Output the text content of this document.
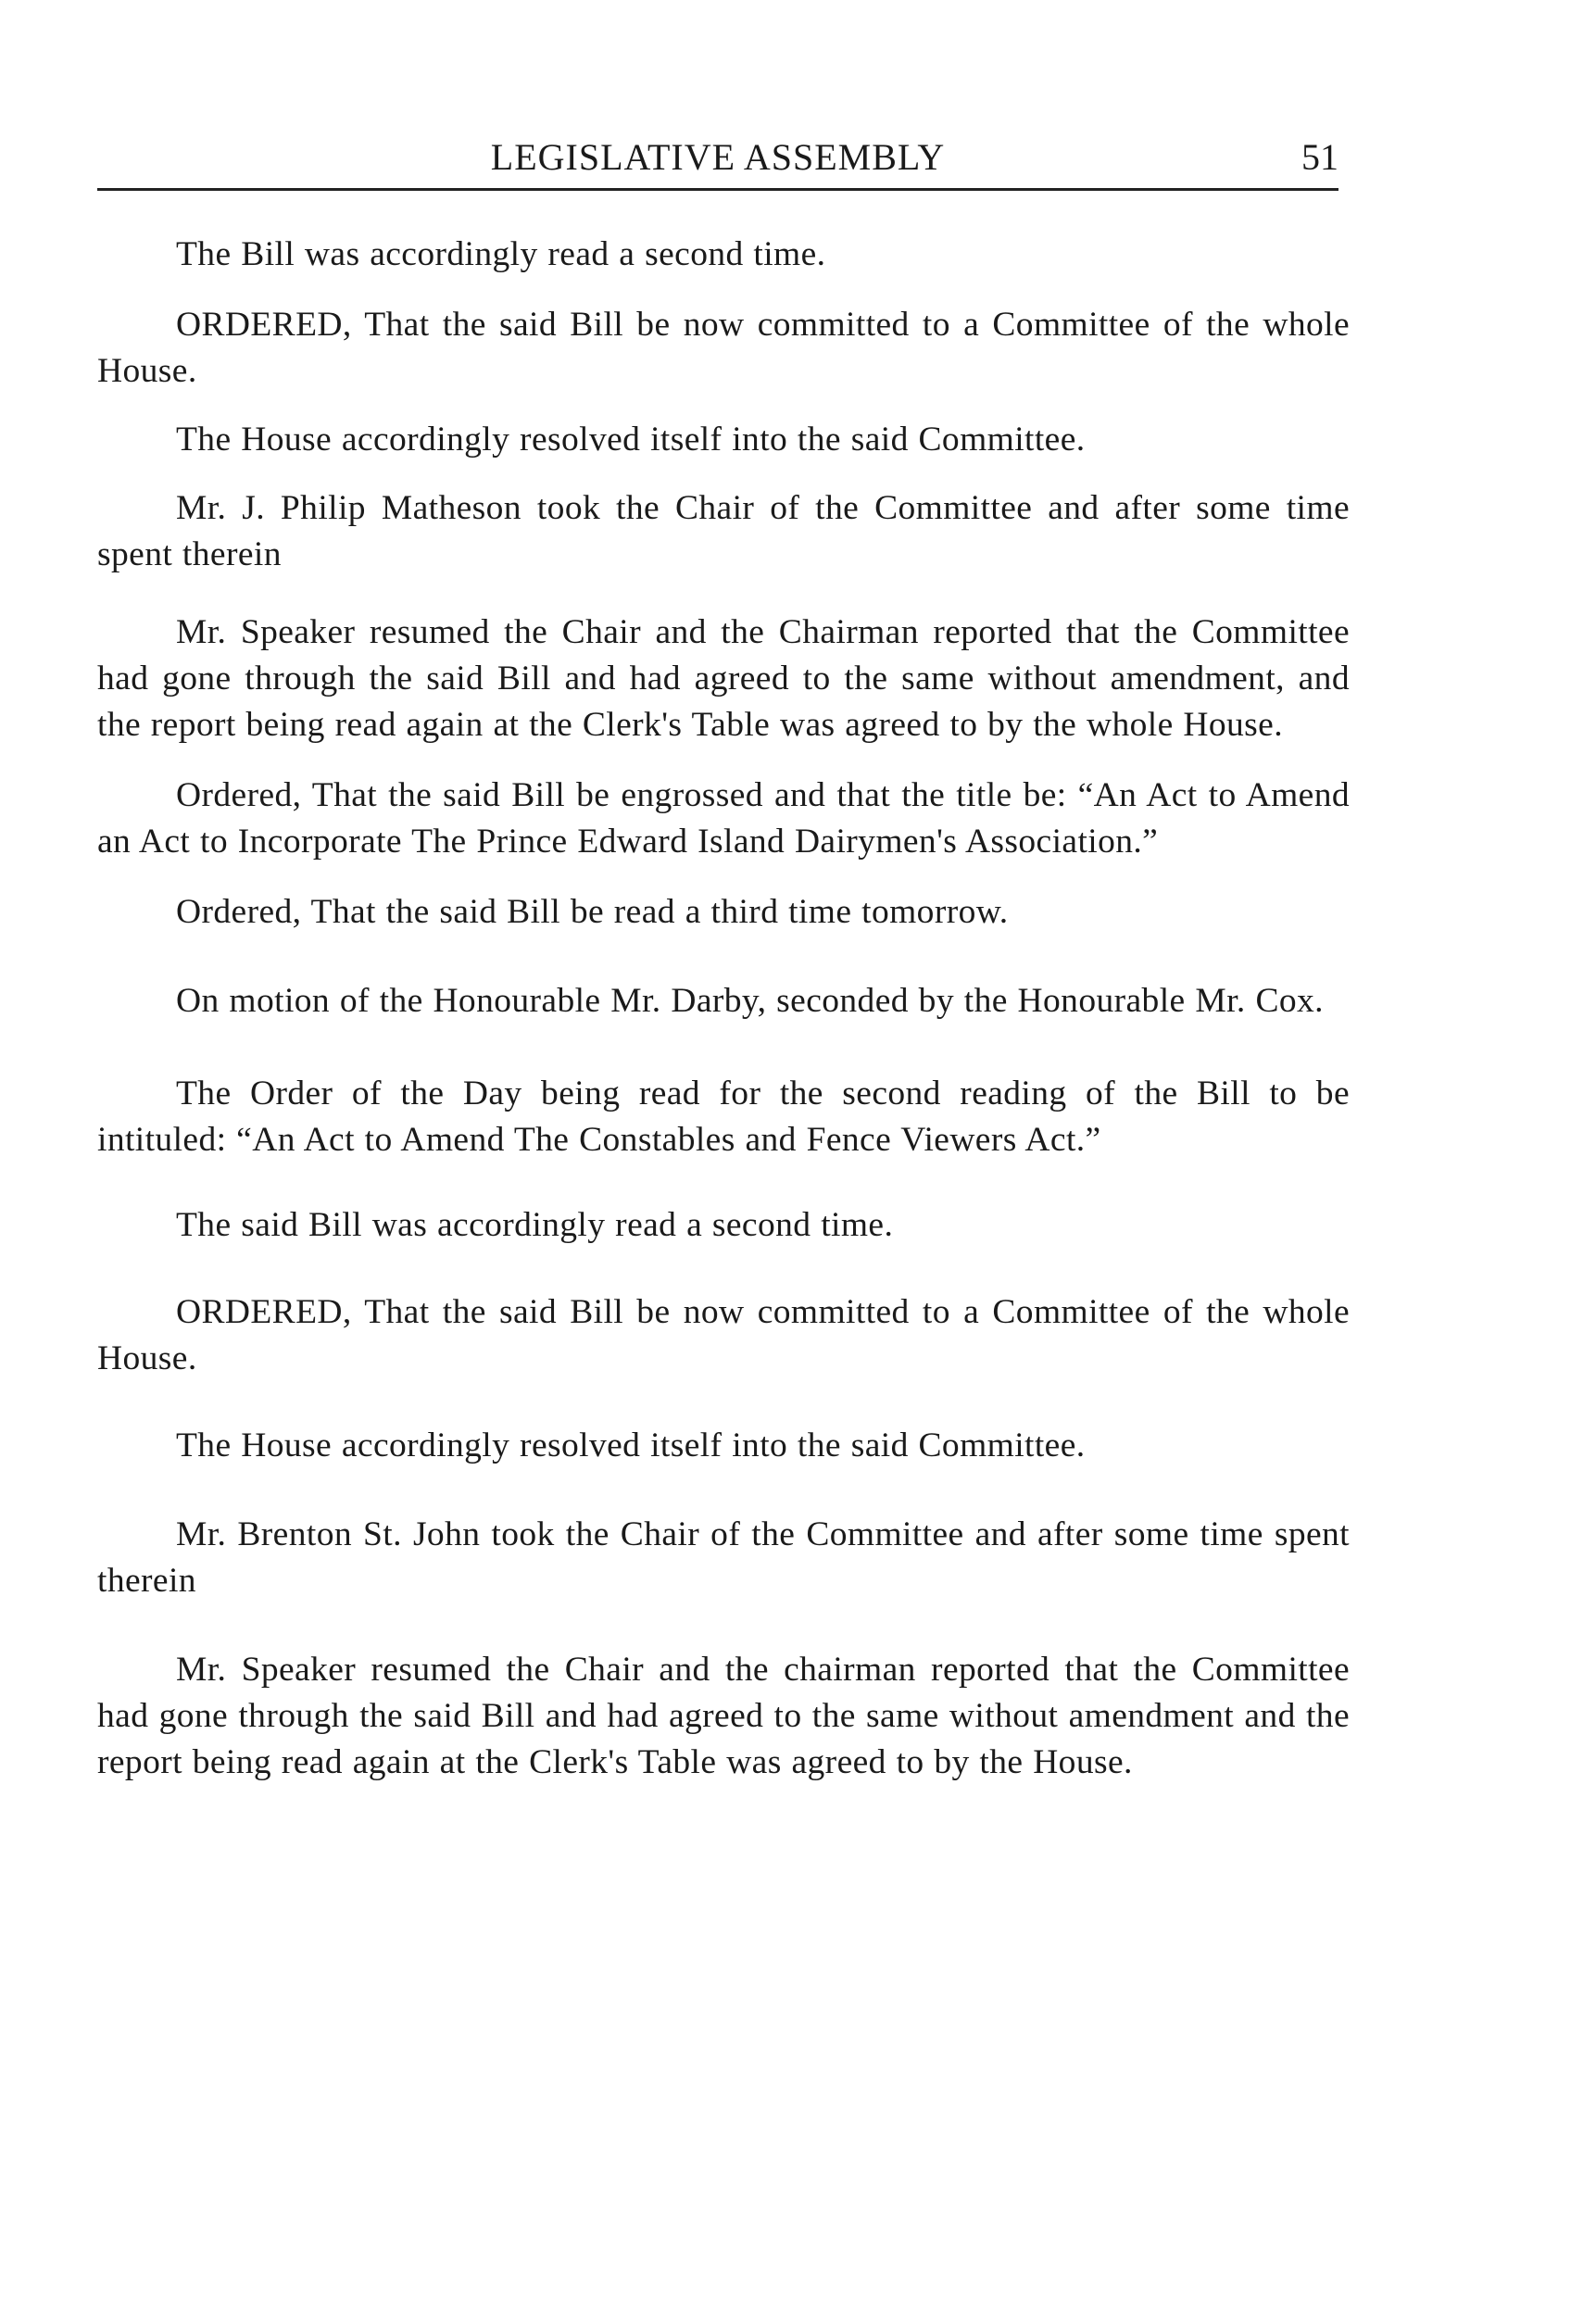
LEGISLATIVE ASSEMBLY	51

The Bill was accordingly read a second time.

ORDERED, That the said Bill be now committed to a Committee of the whole House.

The House accordingly resolved itself into the said Committee.

Mr. J. Philip Matheson took the Chair of the Committee and after some time spent therein

Mr. Speaker resumed the Chair and the Chairman reported that the Committee had gone through the said Bill and had agreed to the same without amendment, and the report being read again at the Clerk's Table was agreed to by the whole House.

Ordered, That the said Bill be engrossed and that the title be: “An Act to Amend an Act to Incorporate The Prince Edward Island Dairymen's Association.”

Ordered, That the said Bill be read a third time tomorrow.

On motion of the Honourable Mr. Darby, seconded by the Honourable Mr. Cox.

The Order of the Day being read for the second reading of the Bill to be intituled: “An Act to Amend The Constables and Fence Viewers Act.”

The said Bill was accordingly read a second time.

ORDERED, That the said Bill be now committed to a Committee of the whole House.

The House accordingly resolved itself into the said Committee.

Mr. Brenton St. John took the Chair of the Committee and after some time spent therein

Mr. Speaker resumed the Chair and the chairman reported that the Committee had gone through the said Bill and had agreed to the same without amendment and the report being read again at the Clerk's Table was agreed to by the House.
